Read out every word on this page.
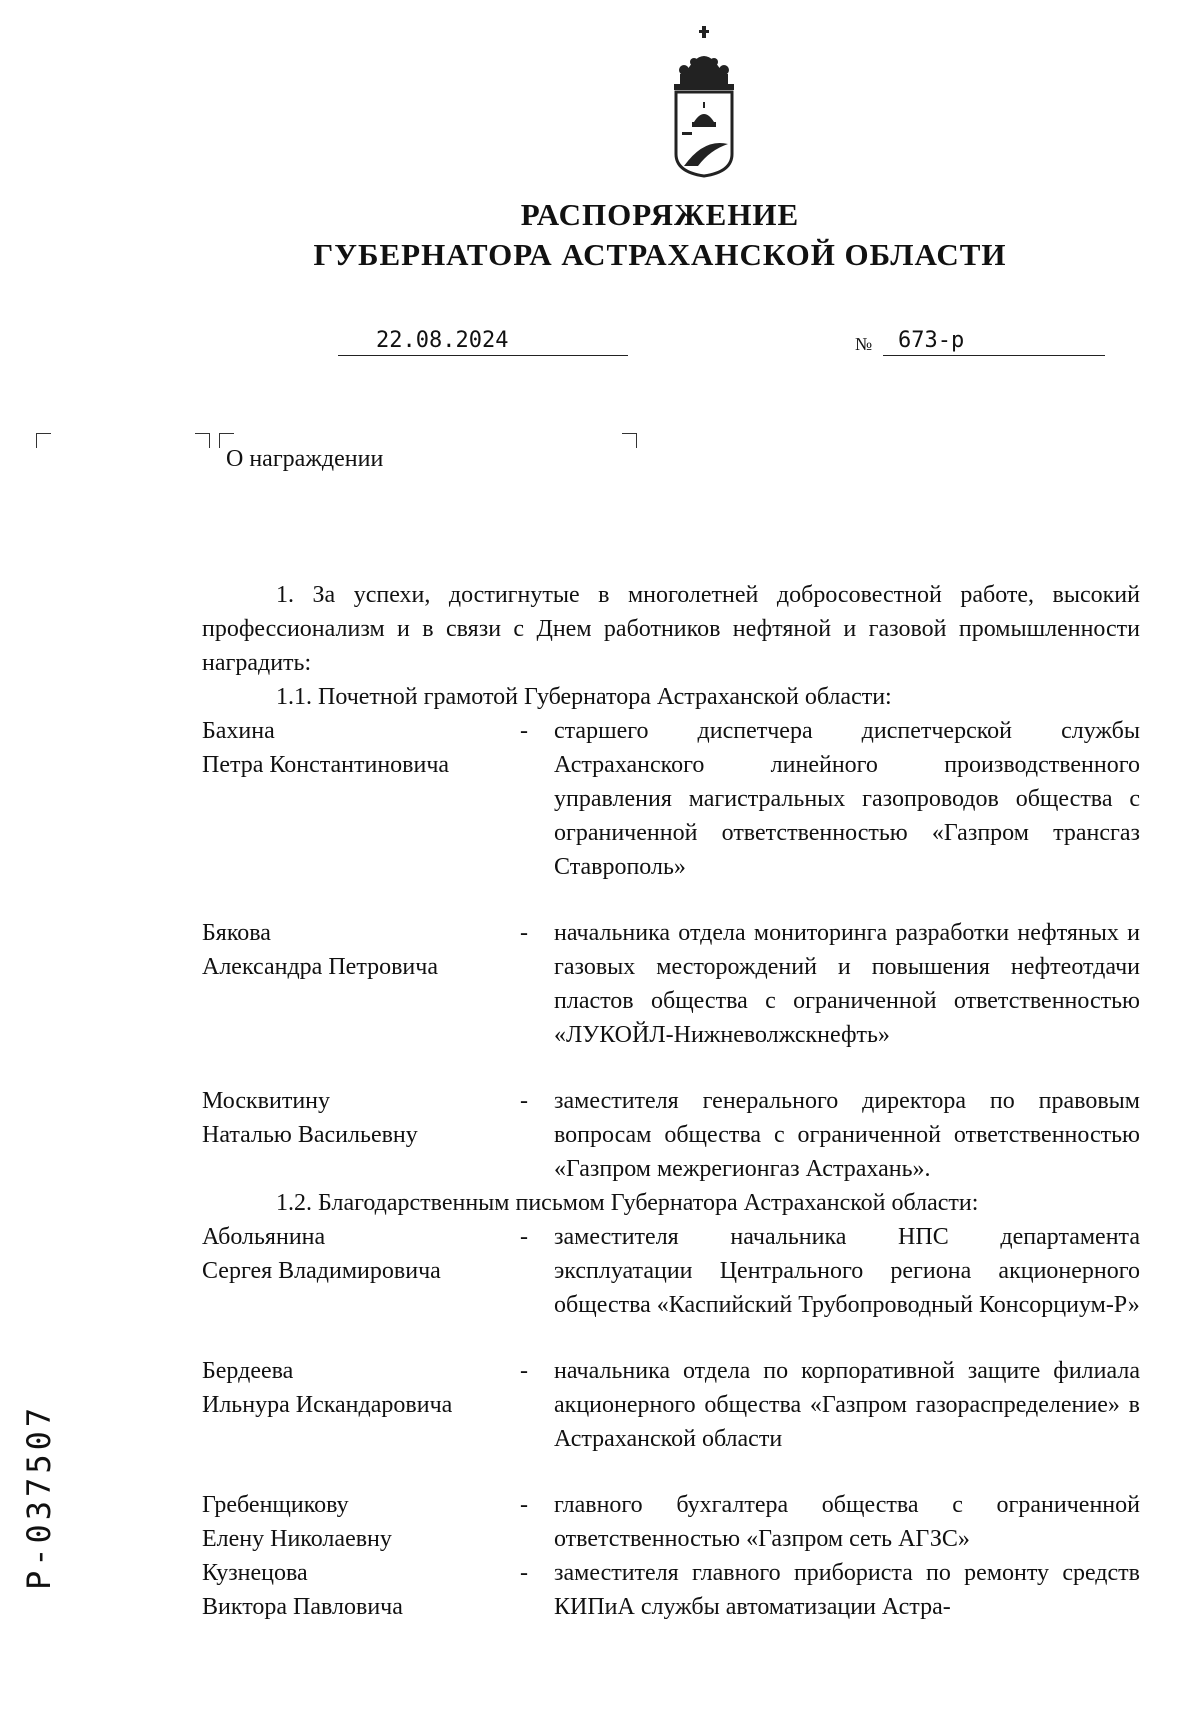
РАСПОРЯЖЕНИЕ
ГУБЕРНАТОРА АСТРАХАНСКОЙ ОБЛАСТИ
22.08.2024	№	673-р
О награждении

1. За успехи, достигнутые в многолетней добросовестной работе, высокий профессионализм и в связи с Днем работников нефтяной и газовой промышленности наградить:

1.1. Почетной грамотой Губернатора Астраханской области:

Бахина
Петра Константиновича
-	старшего диспетчера диспетчерской службы Астраханского линейного производственного управления магистральных газопроводов общества с ограниченной ответственностью «Газпром трансгаз Ставрополь»
Бякова
Александра Петровича
-	начальника отдела мониторинга разработки нефтяных и газовых месторождений и повышения нефтеотдачи пластов общества с ограниченной ответственностью «ЛУКОЙЛ-Нижневолжскнефть»
Москвитину
Наталью Васильевну
-	заместителя генерального директора по правовым вопросам общества с ограниченной ответственностью «Газпром межрегионгаз Астрахань».

1.2. Благодарственным письмом Губернатора Астраханской области:

Абольянина
Сергея Владимировича
-	заместителя начальника НПС департамента эксплуатации Центрального региона акционерного общества «Каспийский Трубопроводный Консорциум-Р»
Бердеева
Ильнура Искандаровича
-	начальника отдела по корпоративной защите филиала акционерного общества «Газпром газораспределение» в Астраханской области
Гребенщикову
Елену Николаевну
-	главного бухгалтера общества с ограниченной ответственностью «Газпром сеть АГЗС»
Кузнецова
Виктора Павловича
-	заместителя главного прибориста по ремонту средств КИПиА службы автоматизации Астра-
Р-037507
